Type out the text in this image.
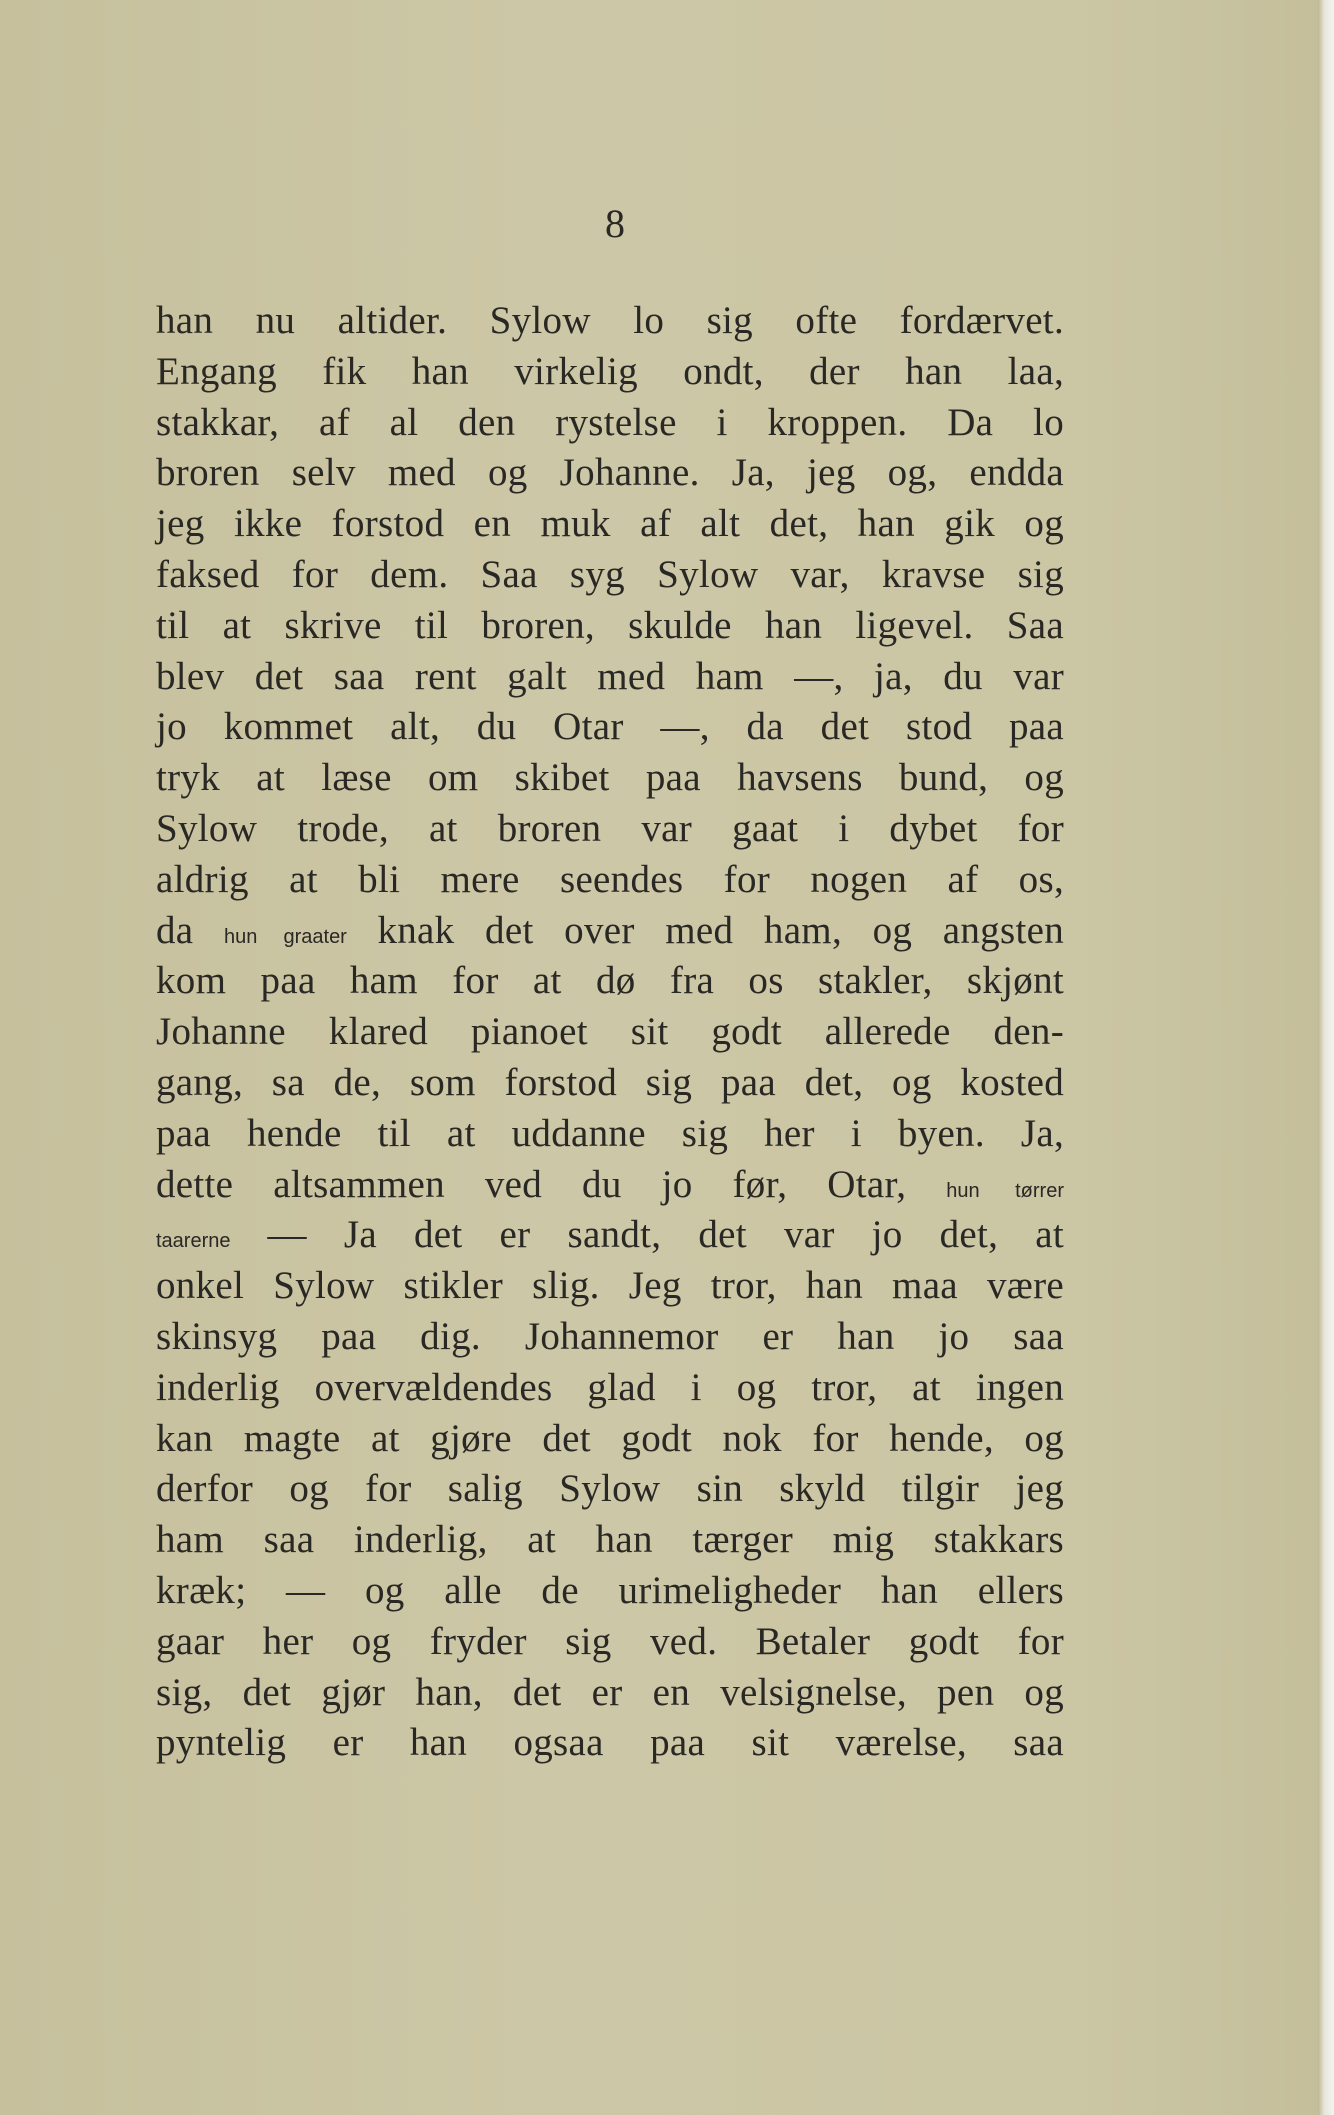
8
han nu altider. Sylow lo sig ofte fordærvet.
Engang fik han virkelig ondt, der han laa,
stakkar, af al den rystelse i kroppen. Da lo
broren selv med og Johanne. Ja, jeg og, endda
jeg ikke forstod en muk af alt det, han gik og
faksed for dem. Saa syg Sylow var, kravse sig
til at skrive til broren, skulde han ligevel. Saa
blev det saa rent galt med ham —, ja, du var
jo kommet alt, du Otar —, da det stod paa
tryk at læse om skibet paa havsens bund, og
Sylow trode, at broren var gaat i dybet for
aldrig at bli mere seendes for nogen af os,
da hun graater knak det over med ham, og angsten
kom paa ham for at dø fra os stakler, skjønt
Johanne klared pianoet sit godt allerede den-
gang, sa de, som forstod sig paa det, og kosted
paa hende til at uddanne sig her i byen. Ja,
dette altsammen ved du jo før, Otar, hun tørrer
taarerne — Ja det er sandt, det var jo det, at
onkel Sylow stikler slig. Jeg tror, han maa være
skinsyg paa dig. Johannemor er han jo saa
inderlig overvældendes glad i og tror, at ingen
kan magte at gjøre det godt nok for hende, og
derfor og for salig Sylow sin skyld tilgir jeg
ham saa inderlig, at han tærger mig stakkars
kræk; — og alle de urimeligheder han ellers
gaar her og fryder sig ved. Betaler godt for
sig, det gjør han, det er en velsignelse, pen og
pyntelig er han ogsaa paa sit værelse, saa
